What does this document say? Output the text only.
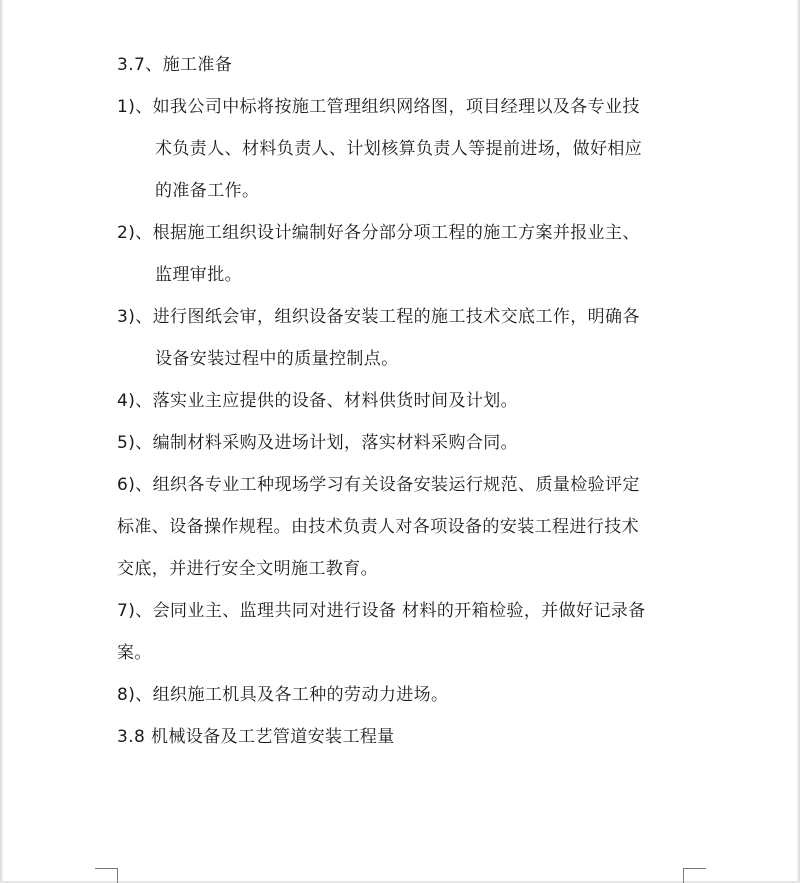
3.7、施工准备
1)、如我公司中标将按施工管理组织网络图，项目经理以及各专业技
术负责人、材料负责人、计划核算负责人等提前进场，做好相应
的准备工作。
2)、根据施工组织设计编制好各分部分项工程的施工方案并报业主、
监理审批。
3)、进行图纸会审，组织设备安装工程的施工技术交底工作，明确各
设备安装过程中的质量控制点。
4)、落实业主应提供的设备、材料供货时间及计划。
5)、编制材料采购及进场计划，落实材料采购合同。
6)、组织各专业工种现场学习有关设备安装运行规范、质量检验评定
标准、设备操作规程。由技术负责人对各项设备的安装工程进行技术
交底，并进行安全文明施工教育。
7)、会同业主、监理共同对进行设备 材料的开箱检验，并做好记录备
案。
8)、组织施工机具及各工种的劳动力进场。
3.8 机械设备及工艺管道安装工程量
